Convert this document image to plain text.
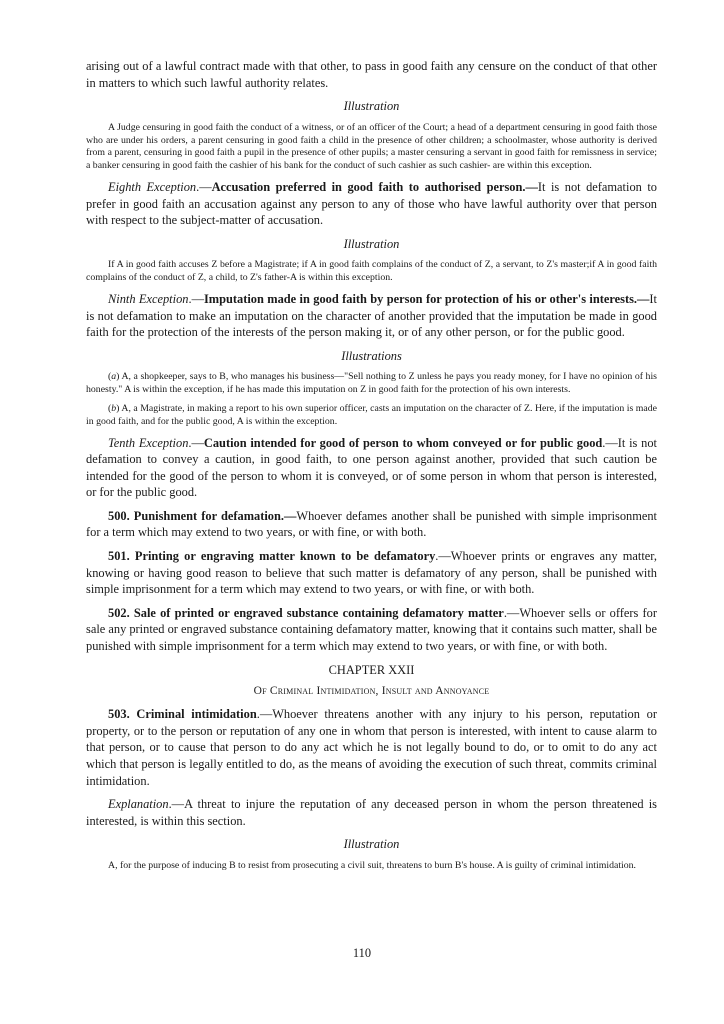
arising out of a lawful contract made with that other, to pass in good faith any censure on the conduct of that other in matters to which such lawful authority relates.

Illustration

A Judge censuring in good faith the conduct of a witness, or of an officer of the Court; a head of a department censuring in good faith those who are under his orders, a parent censuring in good faith a child in the presence of other children; a schoolmaster, whose authority is derived from a parent, censuring in good faith a pupil in the presence of other pupils; a master censuring a servant in good faith for remissness in service; a banker censuring in good faith the cashier of his bank for the conduct of such cashier as such cashier- are within this exception.

Eighth Exception.—Accusation preferred in good faith to authorised person.—It is not defamation to prefer in good faith an accusation against any person to any of those who have lawful authority over that person with respect to the subject-matter of accusation.

Illustration

If A in good faith accuses Z before a Magistrate; if A in good faith complains of the conduct of Z, a servant, to Z's master;if A in good faith complains of the conduct of Z, a child, to Z's father-A is within this exception.

Ninth Exception.—Imputation made in good faith by person for protection of his or other's interests.—It is not defamation to make an imputation on the character of another provided that the imputation be made in good faith for the protection of the interests of the person making it, or of any other person, or for the public good.

Illustrations

(a) A, a shopkeeper, says to B, who manages his business—"Sell nothing to Z unless he pays you ready money, for I have no opinion of his honesty." A is within the exception, if he has made this imputation on Z in good faith for the protection of his own interests.

(b) A, a Magistrate, in making a report to his own superior officer, casts an imputation on the character of Z. Here, if the imputation is made in good faith, and for the public good, A is within the exception.

Tenth Exception.—Caution intended for good of person to whom conveyed or for public good.—It is not defamation to convey a caution, in good faith, to one person against another, provided that such caution be intended for the good of the person to whom it is conveyed, or of some person in whom that person is interested, or for the public good.

500. Punishment for defamation.—Whoever defames another shall be punished with simple imprisonment for a term which may extend to two years, or with fine, or with both.

501. Printing or engraving matter known to be defamatory.—Whoever prints or engraves any matter, knowing or having good reason to believe that such matter is defamatory of any person, shall be punished with simple imprisonment for a term which may extend to two years, or with fine, or with both.

502. Sale of printed or engraved substance containing defamatory matter.—Whoever sells or offers for sale any printed or engraved substance containing defamatory matter, knowing that it contains such matter, shall be punished with simple imprisonment for a term which may extend to two years, or with fine, or with both.

CHAPTER XXII

Of Criminal Intimidation, Insult and Annoyance

503. Criminal intimidation.—Whoever threatens another with any injury to his person, reputation or property, or to the person or reputation of any one in whom that person is interested, with intent to cause alarm to that person, or to cause that person to do any act which he is not legally bound to do, or to omit to do any act which that person is legally entitled to do, as the means of avoiding the execution of such threat, commits criminal intimidation.

Explanation.—A threat to injure the reputation of any deceased person in whom the person threatened is interested, is within this section.

Illustration

A, for the purpose of inducing B to resist from prosecuting a civil suit, threatens to burn B's house. A is guilty of criminal intimidation.

110
